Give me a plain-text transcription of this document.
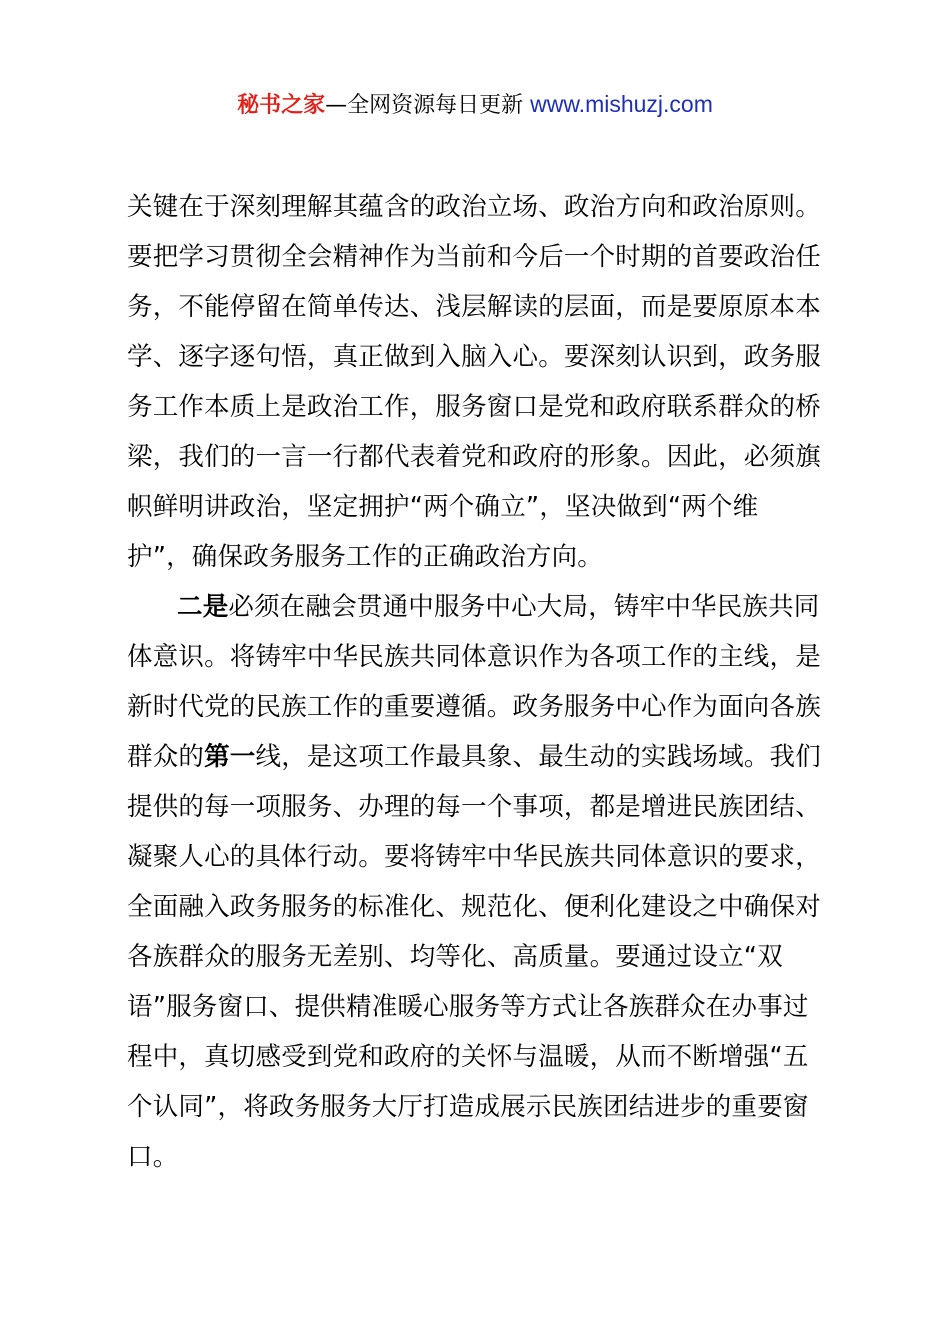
秘书之家—全网资源每日更新 www.mishuzj.com
关键在于深刻理解其蕴含的政治立场、政治方向和政治原则。
要把学习贯彻全会精神作为当前和今后一个时期的首要政治任
务，不能停留在简单传达、浅层解读的层面，而是要原原本本
学、逐字逐句悟，真正做到入脑入心。要深刻认识到，政务服
务工作本质上是政治工作，服务窗口是党和政府联系群众的桥
梁，我们的一言一行都代表着党和政府的形象。因此，必须旗
帜鲜明讲政治，坚定拥护“两个确立”，坚决做到“两个维
护”，确保政务服务工作的正确政治方向。
二是必须在融会贯通中服务中心大局，铸牢中华民族共同
体意识。将铸牢中华民族共同体意识作为各项工作的主线，是
新时代党的民族工作的重要遵循。政务服务中心作为面向各族
群众的第一线，是这项工作最具象、最生动的实践场域。我们
提供的每一项服务、办理的每一个事项，都是增进民族团结、
凝聚人心的具体行动。要将铸牢中华民族共同体意识的要求，
全面融入政务服务的标准化、规范化、便利化建设之中确保对
各族群众的服务无差别、均等化、高质量。要通过设立“双
语”服务窗口、提供精准暖心服务等方式让各族群众在办事过
程中，真切感受到党和政府的关怀与温暖，从而不断增强“五
个认同”，将政务服务大厅打造成展示民族团结进步的重要窗
口。
